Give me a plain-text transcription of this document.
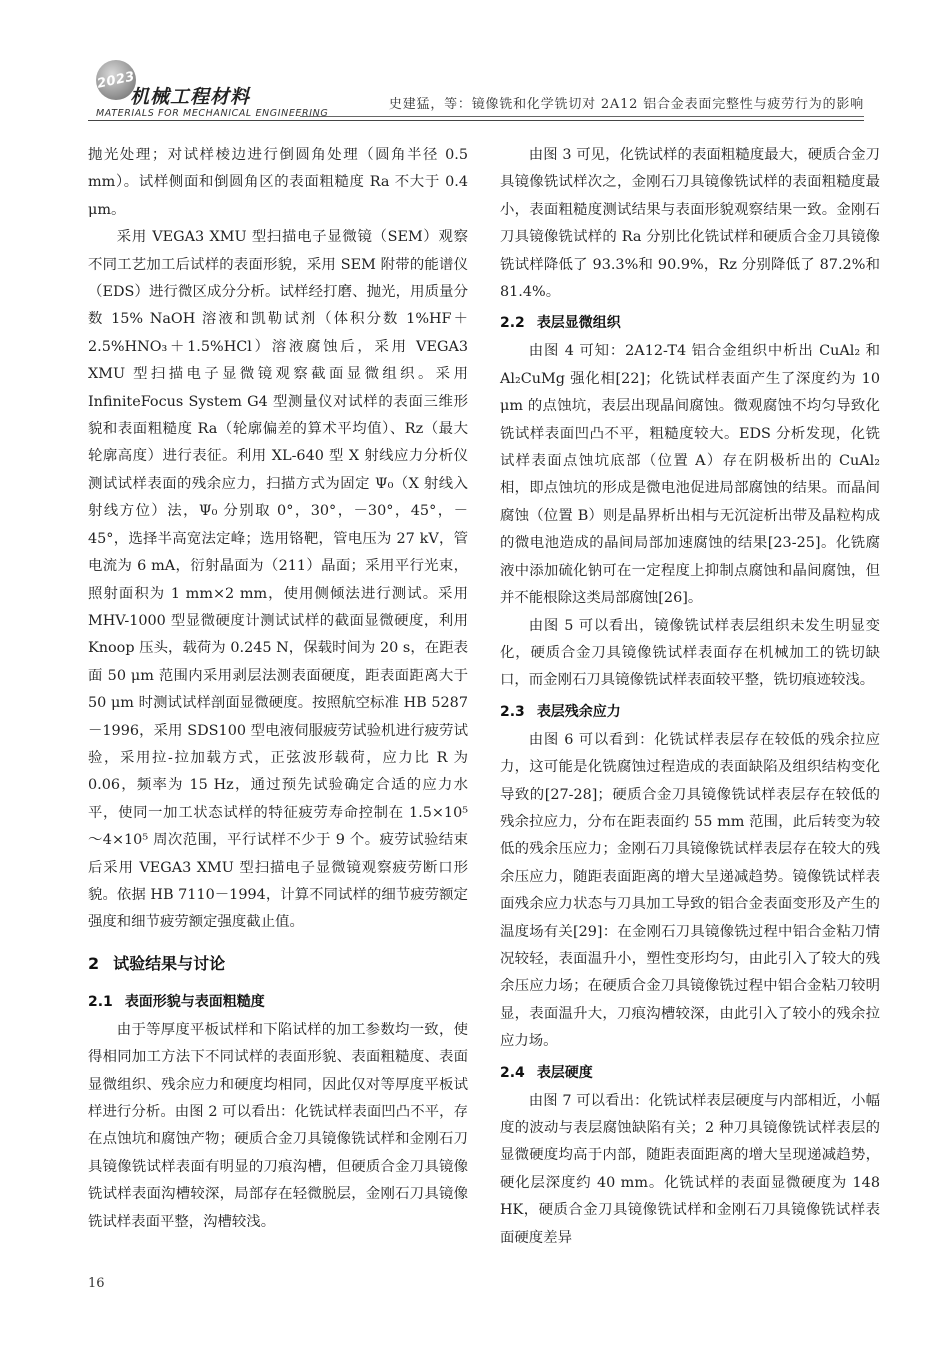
2023
机械工程材料
MATERIALS FOR MECHANICAL ENGINEERING
史建猛，等：镜像铣和化学铣切对 2A12 铝合金表面完整性与疲劳行为的影响

抛光处理；对试样棱边进行倒圆角处理（圆角半径 0.5 mm）。试样侧面和倒圆角区的表面粗糙度 Ra 不大于 0.4 μm。

采用 VEGA3 XMU 型扫描电子显微镜（SEM）观察不同工艺加工后试样的表面形貌，采用 SEM 附带的能谱仪（EDS）进行微区成分分析。试样经打磨、抛光，用质量分数 15% NaOH 溶液和凯勒试剂（体积分数 1%HF＋2.5%HNO₃＋1.5%HCl）溶液腐蚀后，采用 VEGA3 XMU 型扫描电子显微镜观察截面显微组织。采用 InfiniteFocus System G4 型测量仪对试样的表面三维形貌和表面粗糙度 Ra（轮廓偏差的算术平均值）、Rz（最大轮廓高度）进行表征。利用 XL-640 型 X 射线应力分析仪测试试样表面的残余应力，扫描方式为固定 Ψ₀（X 射线入射线方位）法，Ψ₀ 分别取 0°，30°，－30°，45°，－45°，选择半高宽法定峰；选用铬靶，管电压为 27 kV，管电流为 6 mA，衍射晶面为（211）晶面；采用平行光束，照射面积为 1 mm×2 mm，使用侧倾法进行测试。采用 MHV-1000 型显微硬度计测试试样的截面显微硬度，利用 Knoop 压头，载荷为 0.245 N，保载时间为 20 s，在距表面 50 μm 范围内采用剥层法测表面硬度，距表面距离大于 50 μm 时测试试样剖面显微硬度。按照航空标准 HB 5287－1996，采用 SDS100 型电液伺服疲劳试验机进行疲劳试验，采用拉-拉加载方式，正弦波形载荷，应力比 R 为 0.06，频率为 15 Hz，通过预先试验确定合适的应力水平，使同一加工状态试样的特征疲劳寿命控制在 1.5×10⁵～4×10⁵ 周次范围，平行试样不少于 9 个。疲劳试验结束后采用 VEGA3 XMU 型扫描电子显微镜观察疲劳断口形貌。依据 HB 7110－1994，计算不同试样的细节疲劳额定强度和细节疲劳额定强度截止值。

2 试验结果与讨论
2.1 表面形貌与表面粗糙度

由于等厚度平板试样和下陷试样的加工参数均一致，使得相同加工方法下不同试样的表面形貌、表面粗糙度、表面显微组织、残余应力和硬度均相同，因此仅对等厚度平板试样进行分析。由图 2 可以看出：化铣试样表面凹凸不平，存在点蚀坑和腐蚀产物；硬质合金刀具镜像铣试样和金刚石刀具镜像铣试样表面有明显的刀痕沟槽，但硬质合金刀具镜像铣试样表面沟槽较深，局部存在轻微脱层，金刚石刀具镜像铣试样表面平整，沟槽较浅。

由图 3 可见，化铣试样的表面粗糙度最大，硬质合金刀具镜像铣试样次之，金刚石刀具镜像铣试样的表面粗糙度最小，表面粗糙度测试结果与表面形貌观察结果一致。金刚石刀具镜像铣试样的 Ra 分别比化铣试样和硬质合金刀具镜像铣试样降低了 93.3%和 90.9%，Rz 分别降低了 87.2%和 81.4%。

2.2 表层显微组织

由图 4 可知：2A12-T4 铝合金组织中析出 CuAl₂ 和 Al₂CuMg 强化相[22]；化铣试样表面产生了深度约为 10 μm 的点蚀坑，表层出现晶间腐蚀。微观腐蚀不均匀导致化铣试样表面凹凸不平，粗糙度较大。EDS 分析发现，化铣试样表面点蚀坑底部（位置 A）存在阴极析出的 CuAl₂ 相，即点蚀坑的形成是微电池促进局部腐蚀的结果。而晶间腐蚀（位置 B）则是晶界析出相与无沉淀析出带及晶粒构成的微电池造成的晶间局部加速腐蚀的结果[23-25]。化铣腐液中添加硫化钠可在一定程度上抑制点腐蚀和晶间腐蚀，但并不能根除这类局部腐蚀[26]。

由图 5 可以看出，镜像铣试样表层组织未发生明显变化，硬质合金刀具镜像铣试样表面存在机械加工的铣切缺口，而金刚石刀具镜像铣试样表面较平整，铣切痕迹较浅。

2.3 表层残余应力

由图 6 可以看到：化铣试样表层存在较低的残余拉应力，这可能是化铣腐蚀过程造成的表面缺陷及组织结构变化导致的[27-28]；硬质合金刀具镜像铣试样表层存在较低的残余拉应力，分布在距表面约 55 mm 范围，此后转变为较低的残余压应力；金刚石刀具镜像铣试样表层存在较大的残余压应力，随距表面距离的增大呈递减趋势。镜像铣试样表面残余应力状态与刀具加工导致的铝合金表面变形及产生的温度场有关[29]：在金刚石刀具镜像铣过程中铝合金粘刀情况较轻，表面温升小，塑性变形均匀，由此引入了较大的残余压应力场；在硬质合金刀具镜像铣过程中铝合金粘刀较明显，表面温升大，刀痕沟槽较深，由此引入了较小的残余拉应力场。

2.4 表层硬度

由图 7 可以看出：化铣试样表层硬度与内部相近，小幅度的波动与表层腐蚀缺陷有关；2 种刀具镜像铣试样表层的显微硬度均高于内部，随距表面距离的增大呈现递减趋势，硬化层深度约 40 mm。化铣试样的表面显微硬度为 148 HK，硬质合金刀具镜像铣试样和金刚石刀具镜像铣试样表面硬度差异

16
